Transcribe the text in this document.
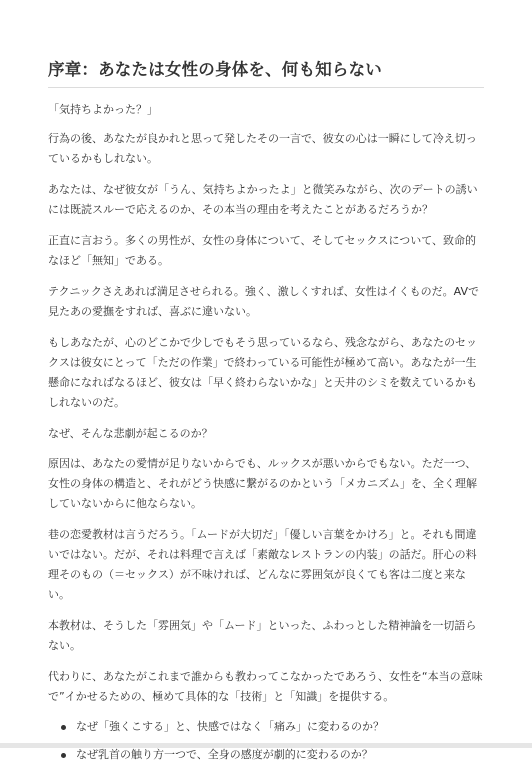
序章：あなたは女性の身体を、何も知らない

「気持ちよかった？」

行為の後、あなたが良かれと思って発したその一言で、彼女の心は一瞬にして冷え切っているかもしれない。

あなたは、なぜ彼女が「うん、気持ちよかったよ」と微笑みながら、次のデートの誘いには既読スルーで応えるのか、その本当の理由を考えたことがあるだろうか？

正直に言おう。多くの男性が、女性の身体について、そしてセックスについて、致命的なほど「無知」である。

テクニックさえあれば満足させられる。強く、激しくすれば、女性はイくものだ。AVで見たあの愛撫をすれば、喜ぶに違いない。

もしあなたが、心のどこかで少しでもそう思っているなら、残念ながら、あなたのセックスは彼女にとって「ただの作業」で終わっている可能性が極めて高い。あなたが一生懸命になればなるほど、彼女は「早く終わらないかな」と天井のシミを数えているかもしれないのだ。

なぜ、そんな悲劇が起こるのか？

原因は、あなたの愛情が足りないからでも、ルックスが悪いからでもない。ただ一つ、女性の身体の構造と、それがどう快感に繋がるのかという「メカニズム」を、全く理解していないからに他ならない。

巷の恋愛教材は言うだろう。「ムードが大切だ」「優しい言葉をかけろ」と。それも間違いではない。だが、それは料理で言えば「素敵なレストランの内装」の話だ。肝心の料理そのもの（＝セックス）が不味ければ、どんなに雰囲気が良くても客は二度と来ない。

本教材は、そうした「雰囲気」や「ムード」といった、ふわっとした精神論を一切語らない。

代わりに、あなたがこれまで誰からも教わってこなかったであろう、女性を“本当の意味で”イかせるための、極めて具体的な「技術」と「知識」を提供する。

なぜ「強くこする」と、快感ではなく「痛み」に変わるのか？
なぜ乳首の触り方一つで、全身の感度が劇的に変わるのか？
